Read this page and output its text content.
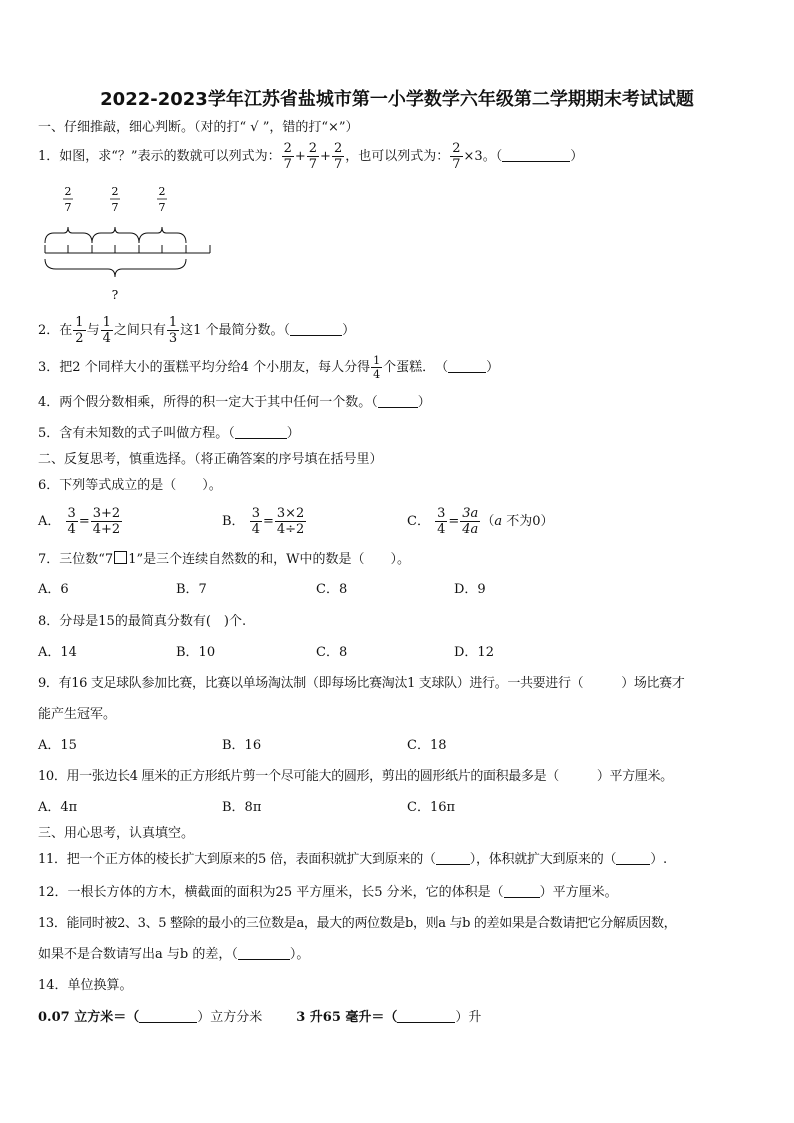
2022-2023学年江苏省盐城市第一小学数学六年级第二学期期末考试试题
一、仔细推敲，细心判断。（对的打“ √ ”，错的打“×”）
1．如图，求“？”表示的数就可以列式为： $\frac{2}{7} + \frac{2}{7} + \frac{2}{7}$ ，也可以列式为： $\frac{2}{7} \times 3$。（	）
2
7
2
7
2
7
?
2．在 $\frac{1}{2}$ 与 $\frac{1}{4}$ 之间只有 $\frac{1}{3}$ 这1 个最简分数。（	）
3．把2 个同样大小的蛋糕平均分给4 个小朋友，每人分得 $\frac{1}{4}$ 个蛋糕．　（	）
4．两个假分数相乘，所得的积一定大于其中任何一个数。（	）
5．含有未知数的式子叫做方程。（	）
二、反复思考，慎重选择。（将正确答案的序号填在括号里）
6．下列等式成立的是（　　）。
A． $\frac{3}{4} = \frac{3+2}{4+2}$	B． $\frac{3}{4} = \frac{3\times 2}{4\div 2}$	C． $\frac{3}{4} = \frac{3a}{4a} (a$ 不为0）
7．三位数“7 1”是三个连续自然数的和，W中的数是（　　）。
A．6	B．7	C．8	D．9
8．分母是15的最简真分数有(　)个.
A．14	B．10	C．8	D．12
9．有16 支足球队参加比赛，比赛以单场淘汰制（即每场比赛淘汰1 支球队）进行。一共要进行（　　　）场比赛才
能产生冠军。
A．15	B．16	C．18
10．用一张边长4 厘米的正方形纸片剪一个尽可能大的圆形，剪出的圆形纸片的面积最多是（　　　）平方厘米。
A．4π	B．8π	C．16π
三、用心思考，认真填空。
11．把一个正方体的棱长扩大到原来的5 倍，表面积就扩大到原来的（	），体积就扩大到原来的（	）.
12．一根长方体的方木，横截面的面积为25 平方厘米，长5 分米，它的体积是（	）平方厘米。
13．能同时被2、3、5 整除的最小的三位数是a，最大的两位数是b，则a 与b 的差如果是合数请把它分解质因数，
如果不是合数请写出a 与b 的差，（	）。
14．单位换算。
0.07 立方米＝（	）立方分米	3 升65 毫升＝（	）升
